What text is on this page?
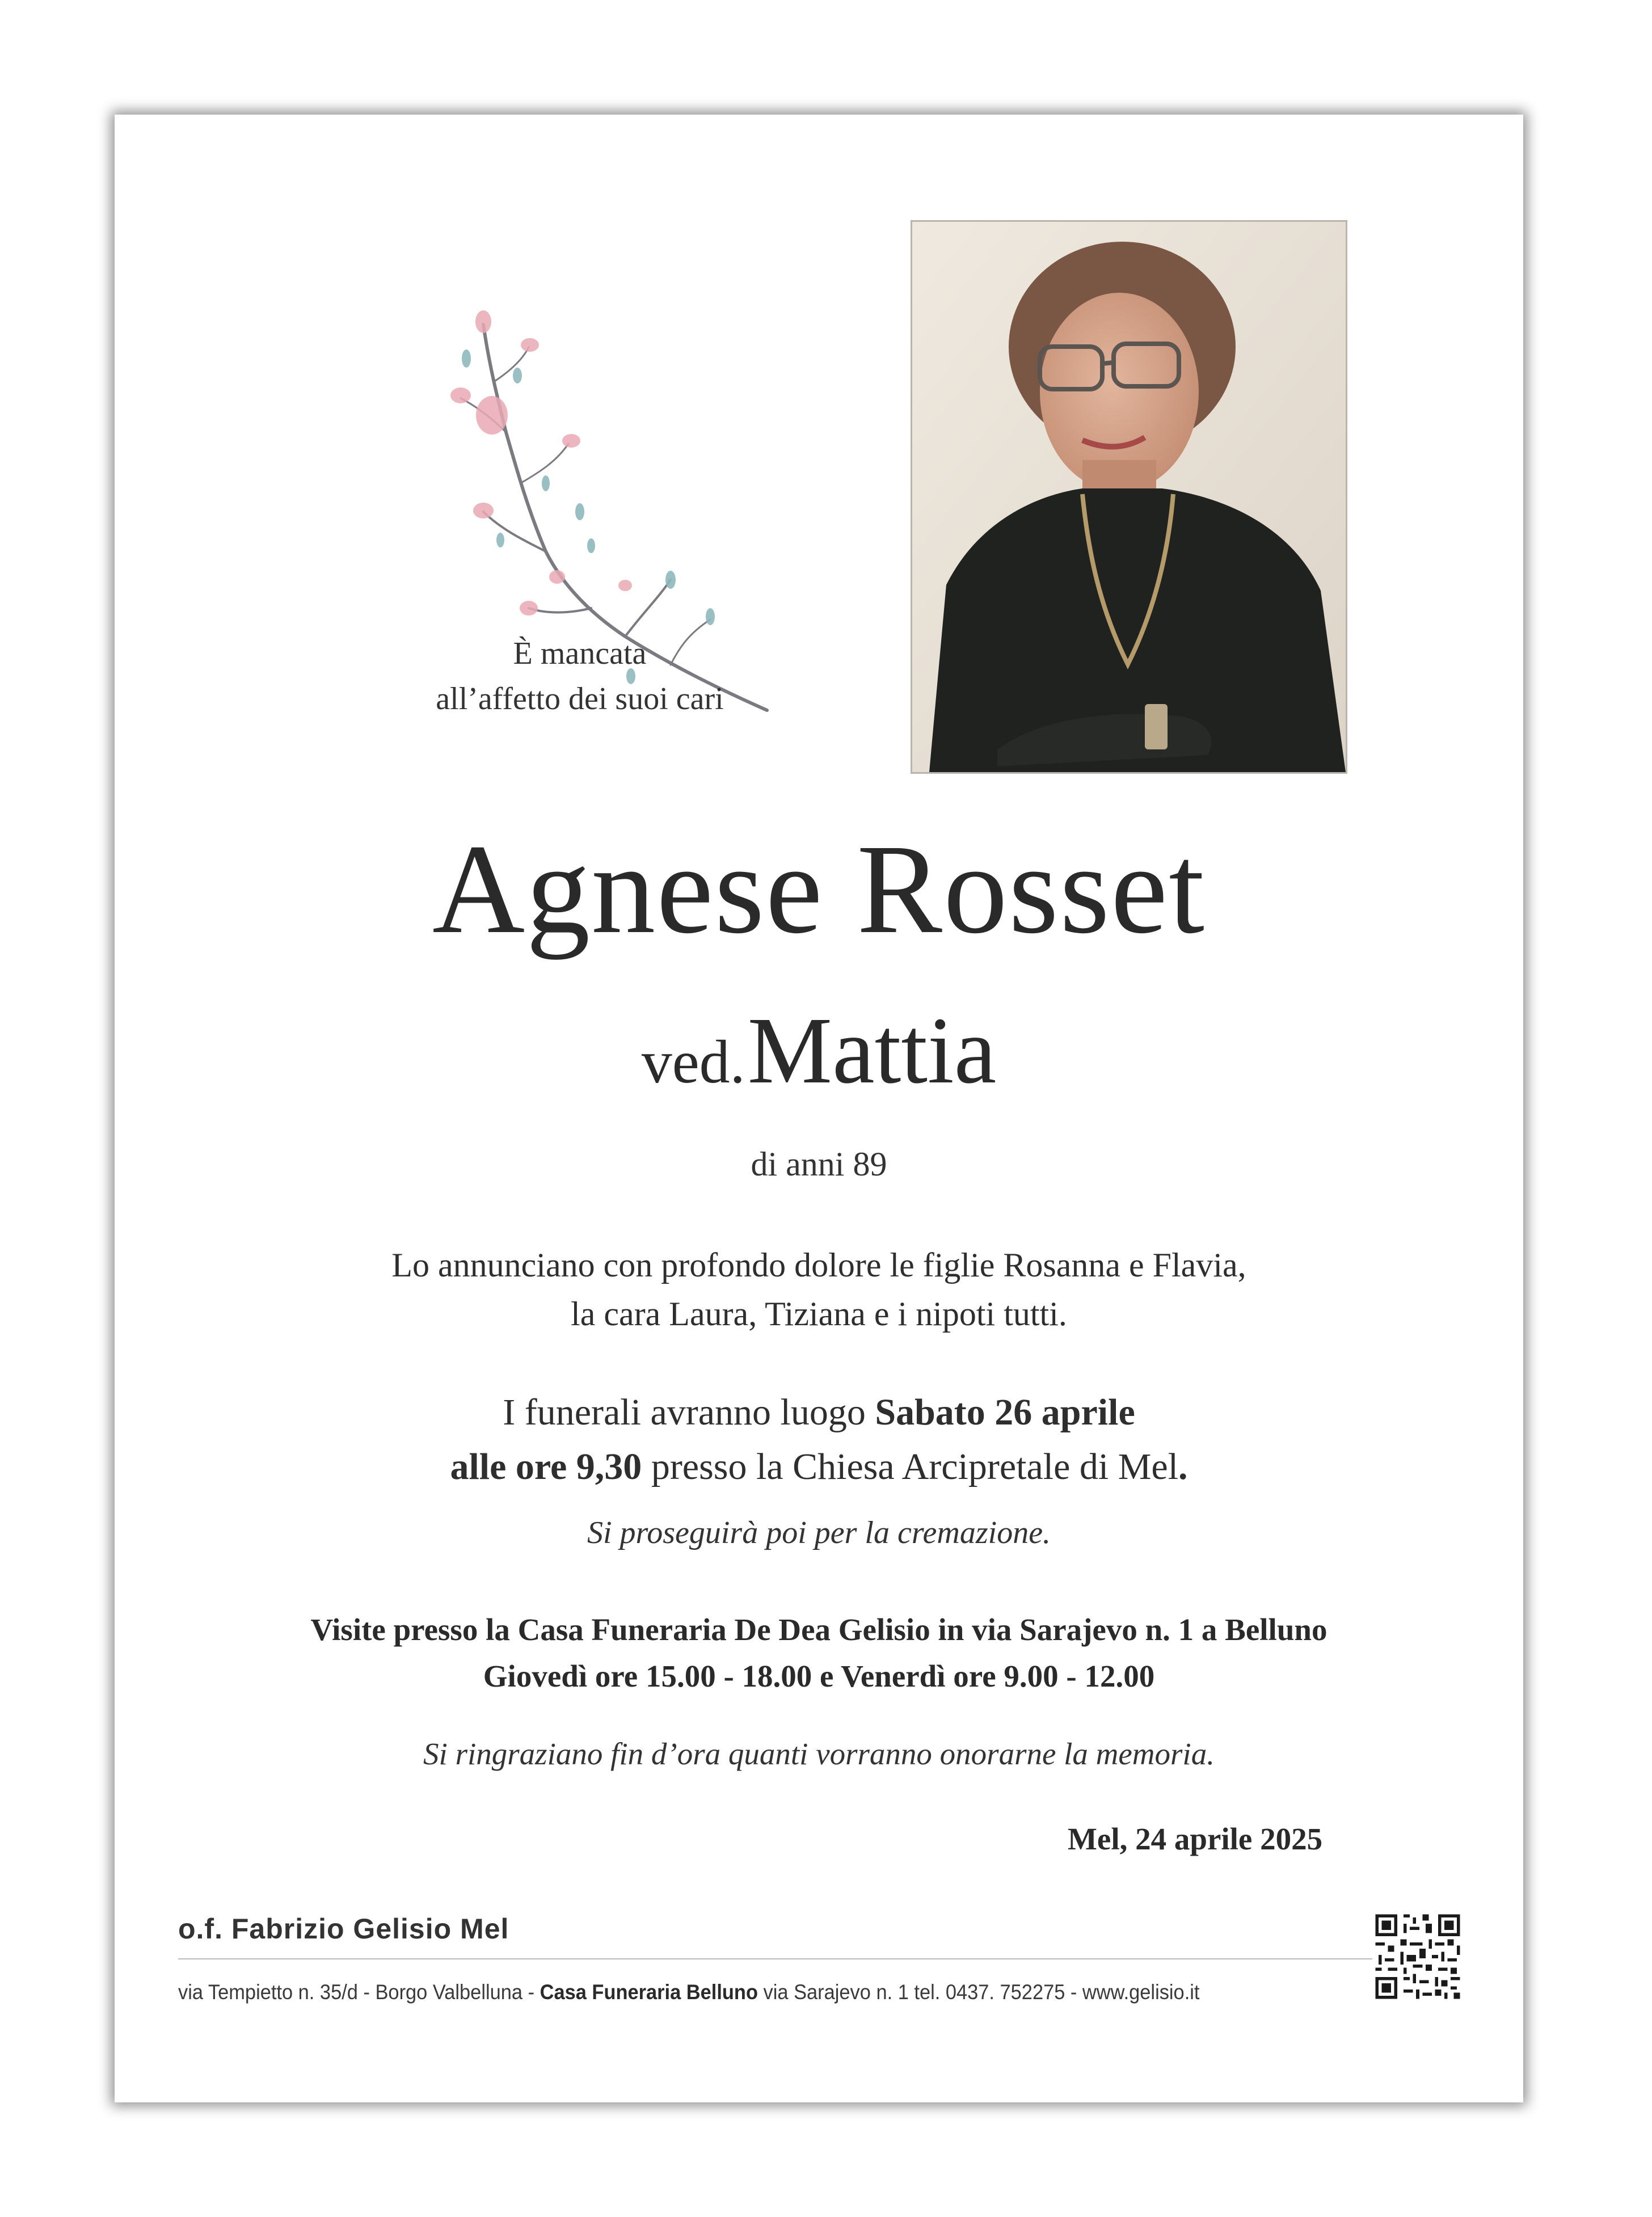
È mancata
all’affetto dei suoi cari
Agnese Rosset
ved. Mattia
di anni 89
Lo annunciano con profondo dolore le figlie Rosanna e Flavia,
la cara Laura, Tiziana e i nipoti tutti.
I funerali avranno luogo Sabato 26 aprile
alle ore 9,30 presso la Chiesa Arcipretale di Mel.
Si proseguirà poi per la cremazione.
Visite presso la Casa Funeraria De Dea Gelisio in via Sarajevo n. 1 a Belluno
Giovedì ore 15.00 - 18.00 e Venerdì ore 9.00 - 12.00
Si ringraziano fin d’ora quanti vorranno onorarne la memoria.
Mel, 24 aprile 2025
o.f. Fabrizio Gelisio Mel
via Tempietto n. 35/d - Borgo Valbelluna - Casa Funeraria Belluno via Sarajevo n. 1 tel. 0437. 752275 - www.gelisio.it
